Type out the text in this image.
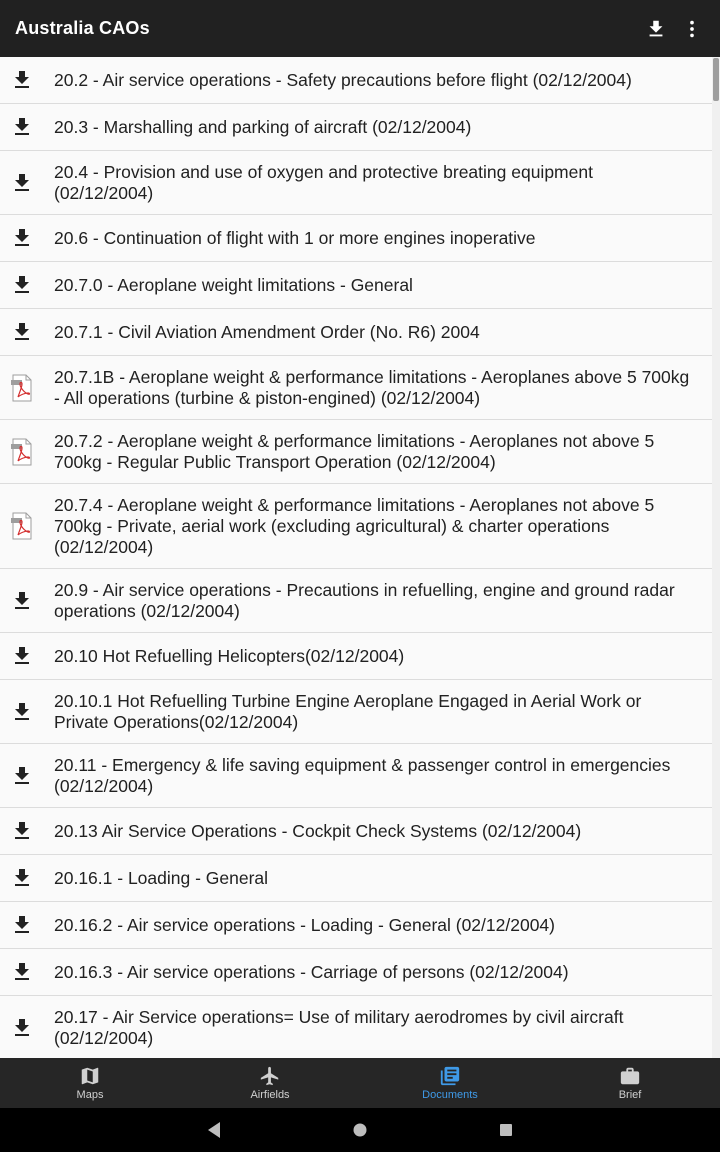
Australia CAOs
20.2 - Air service operations - Safety precautions before flight (02/12/2004)
20.3 - Marshalling and parking of aircraft (02/12/2004)
20.4 - Provision and use of oxygen and protective breating equipment (02/12/2004)
20.6 - Continuation of flight with 1 or more engines inoperative
20.7.0 - Aeroplane weight limitations - General
20.7.1 - Civil Aviation Amendment Order (No. R6) 2004
20.7.1B - Aeroplane weight & performance limitations - Aeroplanes above 5 700kg - All operations (turbine & piston-engined) (02/12/2004)
20.7.2 - Aeroplane weight & performance limitations - Aeroplanes not above 5 700kg - Regular Public Transport Operation (02/12/2004)
20.7.4 - Aeroplane weight & performance limitations - Aeroplanes not above 5 700kg - Private, aerial work (excluding agricultural) & charter operations (02/12/2004)
20.9 - Air service operations - Precautions in refuelling, engine and ground radar operations (02/12/2004)
20.10 Hot Refuelling Helicopters(02/12/2004)
20.10.1 Hot Refuelling Turbine Engine Aeroplane Engaged in Aerial Work or Private Operations(02/12/2004)
20.11 - Emergency & life saving equipment & passenger control in emergencies (02/12/2004)
20.13 Air Service Operations - Cockpit Check Systems (02/12/2004)
20.16.1 - Loading - General
20.16.2 - Air service operations - Loading - General (02/12/2004)
20.16.3 - Air service operations - Carriage of persons (02/12/2004)
20.17 - Air Service operations= Use of military aerodromes by civil aircraft (02/12/2004)
Maps	Airfields	Documents	Brief
